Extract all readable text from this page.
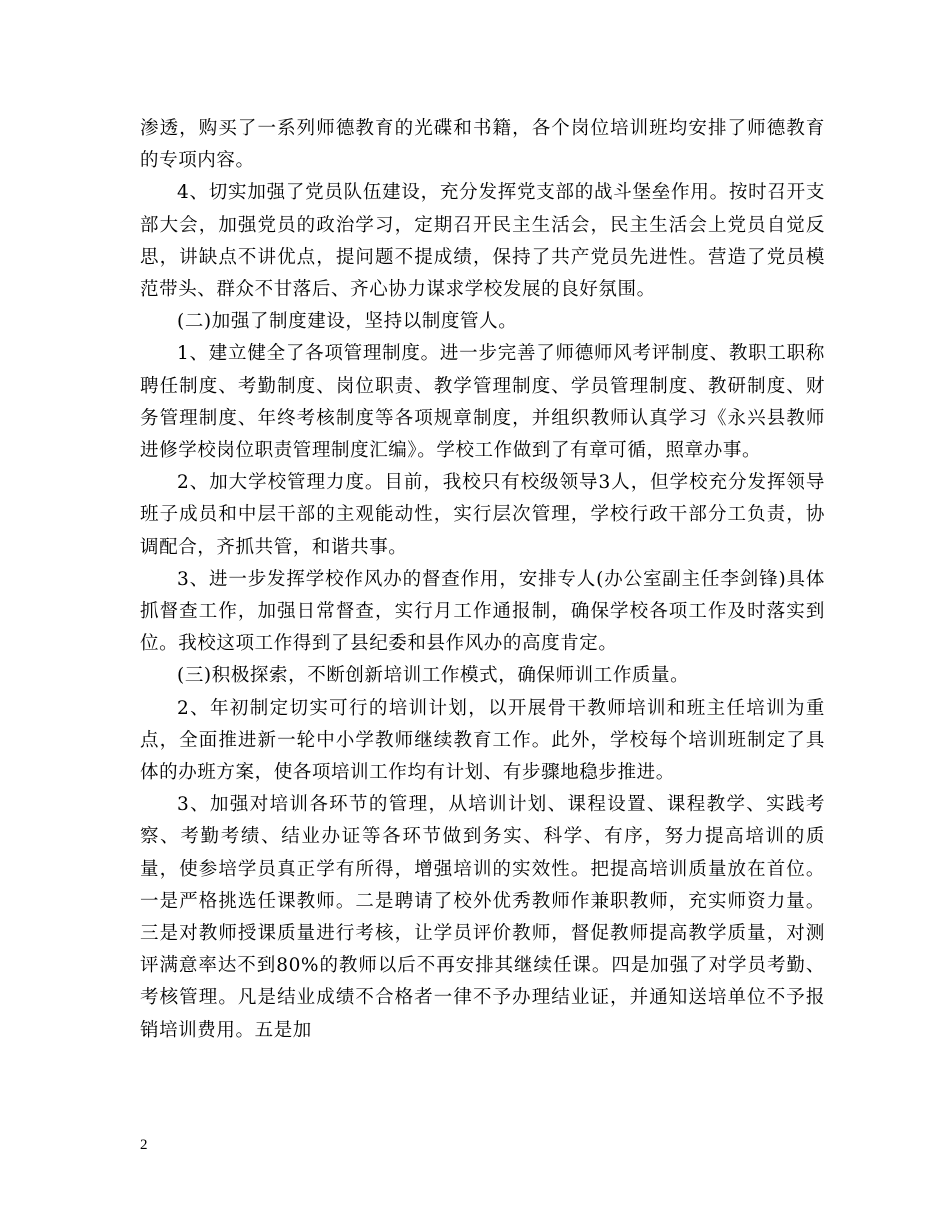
渗透，购买了一系列师德教育的光碟和书籍，各个岗位培训班均安排了师德教育的专项内容。

4、切实加强了党员队伍建设，充分发挥党支部的战斗堡垒作用。按时召开支部大会，加强党员的政治学习，定期召开民主生活会，民主生活会上党员自觉反思，讲缺点不讲优点，提问题不提成绩，保持了共产党员先进性。营造了党员模范带头、群众不甘落后、齐心协力谋求学校发展的良好氛围。

(二)加强了制度建设，坚持以制度管人。

1、建立健全了各项管理制度。进一步完善了师德师风考评制度、教职工职称聘任制度、考勤制度、岗位职责、教学管理制度、学员管理制度、教研制度、财务管理制度、年终考核制度等各项规章制度，并组织教师认真学习《永兴县教师进修学校岗位职责管理制度汇编》。学校工作做到了有章可循，照章办事。

2、加大学校管理力度。目前，我校只有校级领导3人，但学校充分发挥领导班子成员和中层干部的主观能动性，实行层次管理，学校行政干部分工负责，协调配合，齐抓共管，和谐共事。

3、进一步发挥学校作风办的督查作用，安排专人(办公室副主任李剑锋)具体抓督查工作，加强日常督查，实行月工作通报制，确保学校各项工作及时落实到位。我校这项工作得到了县纪委和县作风办的高度肯定。

(三)积极探索，不断创新培训工作模式，确保师训工作质量。

2、年初制定切实可行的培训计划，以开展骨干教师培训和班主任培训为重点，全面推进新一轮中小学教师继续教育工作。此外，学校每个培训班制定了具体的办班方案，使各项培训工作均有计划、有步骤地稳步推进。

3、加强对培训各环节的管理，从培训计划、课程设置、课程教学、实践考察、考勤考绩、结业办证等各环节做到务实、科学、有序，努力提高培训的质量，使参培学员真正学有所得，增强培训的实效性。把提高培训质量放在首位。一是严格挑选任课教师。二是聘请了校外优秀教师作兼职教师，充实师资力量。三是对教师授课质量进行考核，让学员评价教师，督促教师提高教学质量，对测评满意率达不到80%的教师以后不再安排其继续任课。四是加强了对学员考勤、考核管理。凡是结业成绩不合格者一律不予办理结业证，并通知送培单位不予报销培训费用。五是加

2
